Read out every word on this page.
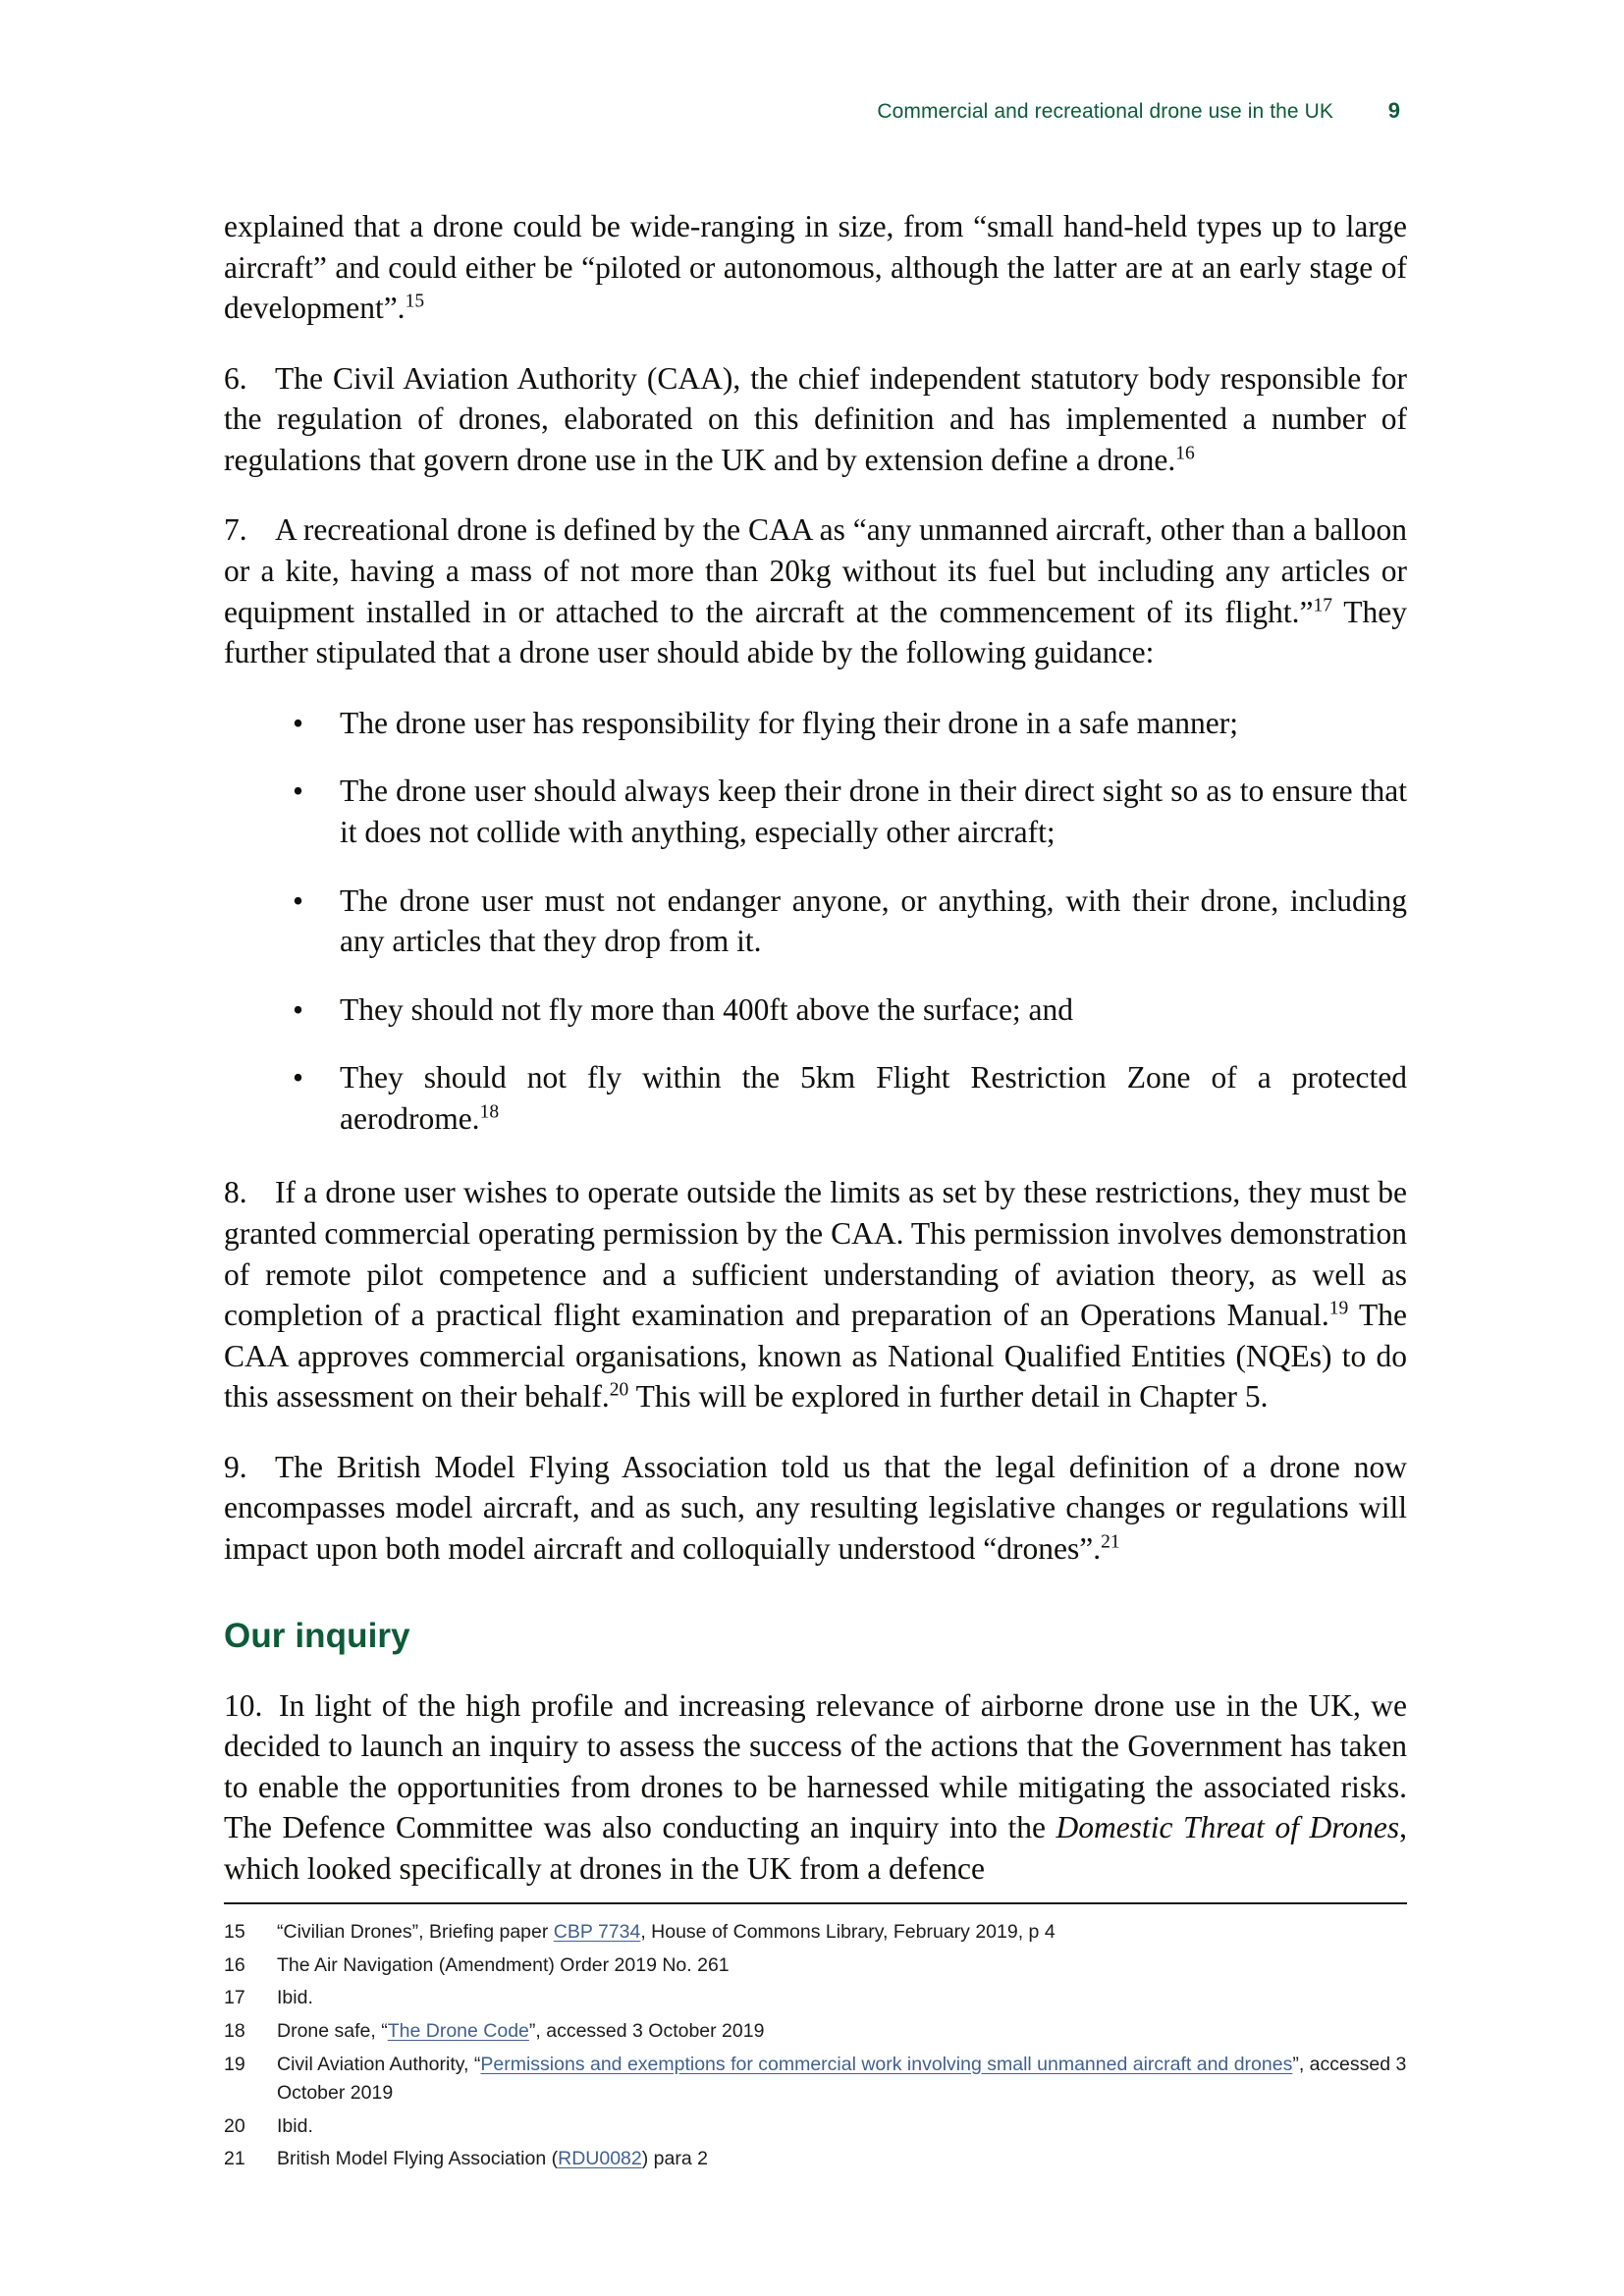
Commercial and recreational drone use in the UK	9

explained that a drone could be wide-ranging in size, from “small hand-held types up to large aircraft” and could either be “piloted or autonomous, although the latter are at an early stage of development”.$^{15}$

6. The Civil Aviation Authority (CAA), the chief independent statutory body responsible for the regulation of drones, elaborated on this definition and has implemented a number of regulations that govern drone use in the UK and by extension define a drone.$^{16}$

7. A recreational drone is defined by the CAA as “any unmanned aircraft, other than a balloon or a kite, having a mass of not more than 20kg without its fuel but including any articles or equipment installed in or attached to the aircraft at the commencement of its flight.”$^{17}$ They further stipulated that a drone user should abide by the following guidance:

• The drone user has responsibility for flying their drone in a safe manner;
• The drone user should always keep their drone in their direct sight so as to ensure that it does not collide with anything, especially other aircraft;
• The drone user must not endanger anyone, or anything, with their drone, including any articles that they drop from it.
• They should not fly more than 400ft above the surface; and
• They should not fly within the 5km Flight Restriction Zone of a protected aerodrome.$^{18}$

8. If a drone user wishes to operate outside the limits as set by these restrictions, they must be granted commercial operating permission by the CAA. This permission involves demonstration of remote pilot competence and a sufficient understanding of aviation theory, as well as completion of a practical flight examination and preparation of an Operations Manual.$^{19}$ The CAA approves commercial organisations, known as National Qualified Entities (NQEs) to do this assessment on their behalf.$^{20}$ This will be explored in further detail in Chapter 5.

9. The British Model Flying Association told us that the legal definition of a drone now encompasses model aircraft, and as such, any resulting legislative changes or regulations will impact upon both model aircraft and colloquially understood “drones”.$^{21}$

Our inquiry

10. In light of the high profile and increasing relevance of airborne drone use in the UK, we decided to launch an inquiry to assess the success of the actions that the Government has taken to enable the opportunities from drones to be harnessed while mitigating the associated risks. The Defence Committee was also conducting an inquiry into the Domestic Threat of Drones, which looked specifically at drones in the UK from a defence

15	“Civilian Drones”, Briefing paper CBP 7734, House of Commons Library, February 2019, p 4
16	The Air Navigation (Amendment) Order 2019 No. 261
17	Ibid.
18	Drone safe, “The Drone Code”, accessed 3 October 2019
19	Civil Aviation Authority, “Permissions and exemptions for commercial work involving small unmanned aircraft and drones”, accessed 3 October 2019
20	Ibid.
21	British Model Flying Association (RDU0082) para 2
